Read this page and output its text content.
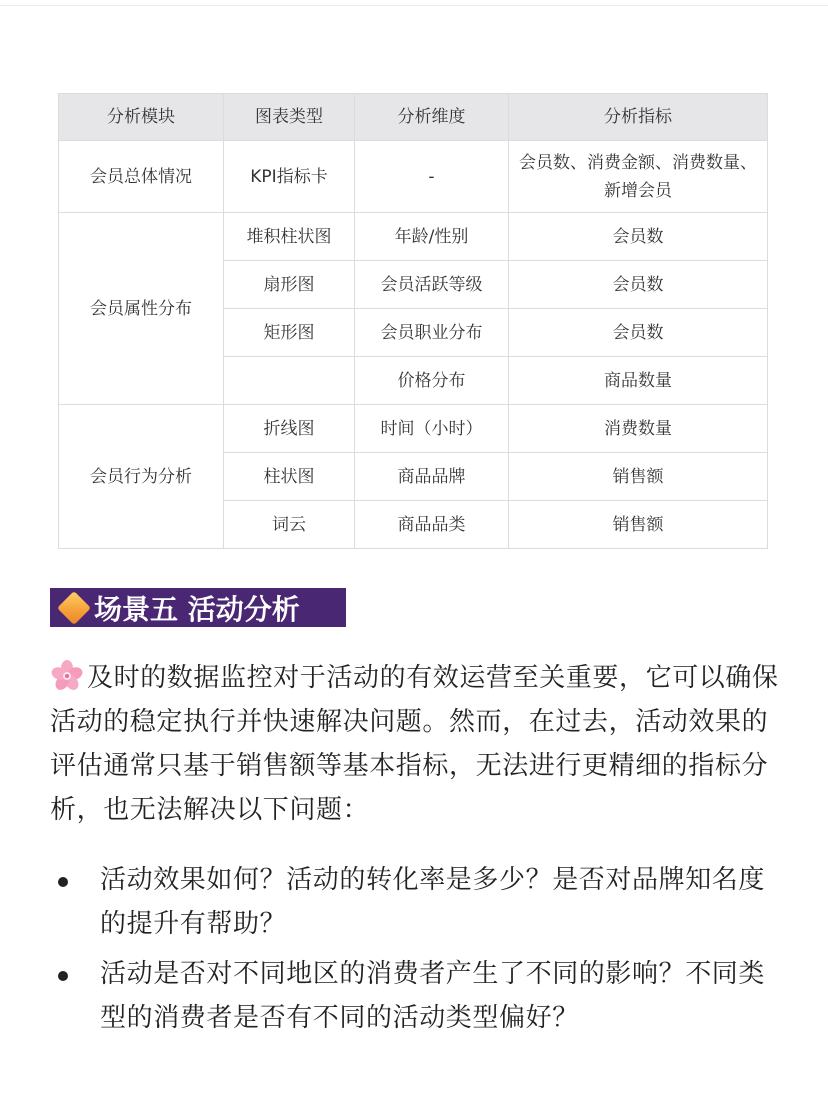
分析模块	图表类型	分析维度	分析指标
会员总体情况	KPI指标卡	-	会员数、消费金额、消费数量、新增会员
会员属性分布	堆积柱状图	年龄/性别	会员数
	扇形图	会员活跃等级	会员数
	矩形图	会员职业分布	会员数
		价格分布	商品数量
会员行为分析	折线图	时间（小时）	消费数量
	柱状图	商品品牌	销售额
	词云	商品品类	销售额
场景五 活动分析
及时的数据监控对于活动的有效运营至关重要，它可以确保活动的稳定执行并快速解决问题。然而，在过去，活动效果的评估通常只基于销售额等基本指标，无法进行更精细的指标分析，也无法解决以下问题：
活动效果如何？活动的转化率是多少？是否对品牌知名度的提升有帮助？
活动是否对不同地区的消费者产生了不同的影响？不同类型的消费者是否有不同的活动类型偏好？
